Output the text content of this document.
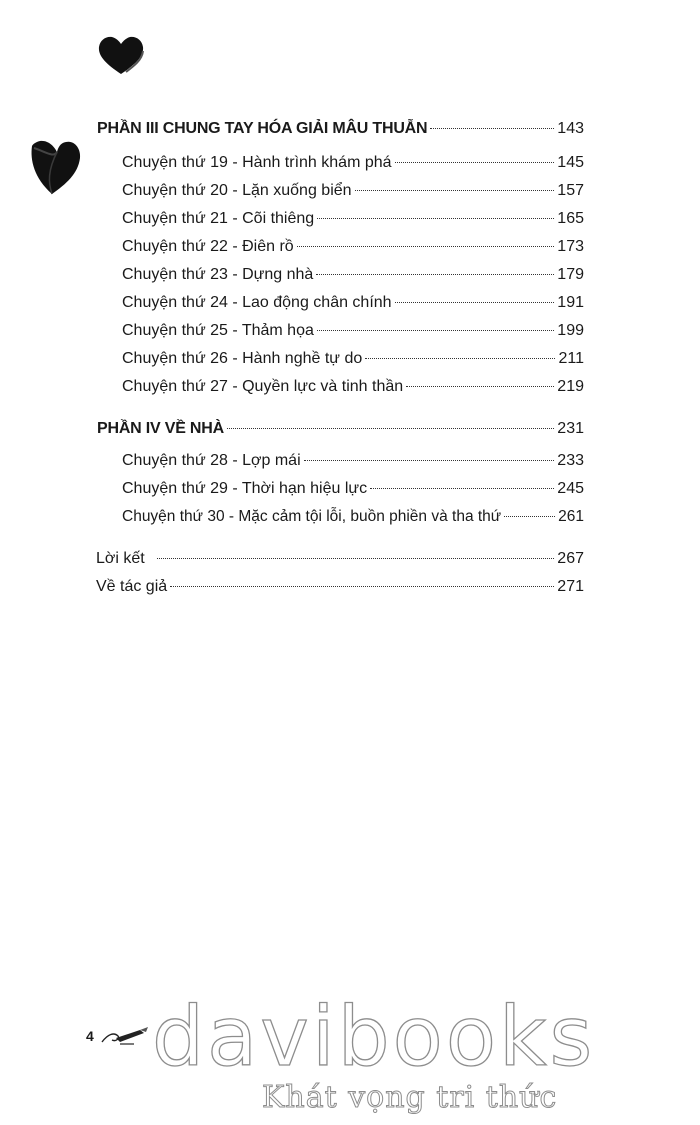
PHẦN III CHUNG TAY HÓA GIẢI MÂU THUẪN	143
Chuyện thứ 19 - Hành trình khám phá	145
Chuyện thứ 20 - Lặn xuống biển	157
Chuyện thứ 21 - Cõi thiêng	165
Chuyện thứ 22 - Điên rồ	173
Chuyện thứ 23 - Dựng nhà	179
Chuyện thứ 24 - Lao động chân chính	191
Chuyện thứ 25 - Thảm họa	199
Chuyện thứ 26 - Hành nghề tự do	211
Chuyện thứ 27 - Quyền lực và tinh thần	219
PHẦN IV VỀ NHÀ	231
Chuyện thứ 28 - Lợp mái	233
Chuyện thứ 29 - Thời hạn hiệu lực	245
Chuyện thứ 30 - Mặc cảm tội lỗi, buồn phiền và tha thứ	261
Lời kết	267
Về tác giả	271
4 davibooks
Khát vọng tri thức
